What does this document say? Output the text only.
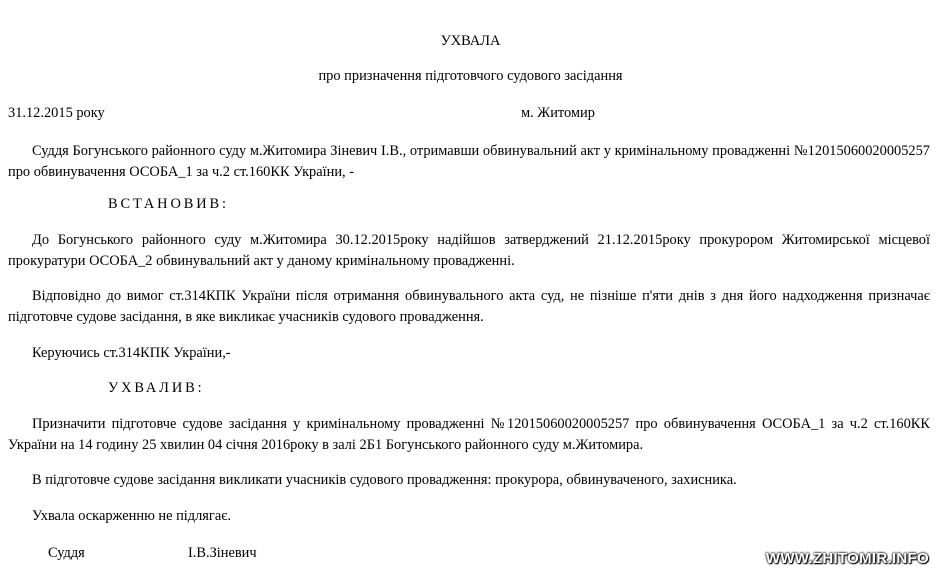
УХВАЛА
про призначення підготовчого судового засідання
31.12.2015 року	м. Житомир
Суддя Богунського районного суду м.Житомира Зіневич І.В., отримавши обвинувальний акт у кримінальному провадженні №12015060020005257 про обвинувачення ОСОБА_1 за ч.2 ст.160КК України, -
ВСТАНОВИВ:
До Богунського районного суду м.Житомира 30.12.2015року надійшов затверджений 21.12.2015року прокурором Житомирської місцевої прокуратури ОСОБА_2 обвинувальний акт у даному кримінальному провадженні.
Відповідно до вимог ст.314КПК України після отримання обвинувального акта суд, не пізніше п'яти днів з дня його надходження призначає підготовче судове засідання, в яке викликає учасників судового провадження.
Керуючись ст.314КПК України,-
УХВАЛИВ:
Призначити підготовче судове засідання у кримінальному провадженні №12015060020005257 про обвинувачення ОСОБА_1 за ч.2 ст.160КК України на 14 годину 25 хвилин 04 січня 2016року в залі 2Б1 Богунського районного суду м.Житомира.
В підготовче судове засідання викликати учасників судового провадження: прокурора, обвинуваченого, захисника.
Ухвала оскарженню не підлягає.
Суддя	І.В.Зіневич	WWW.ZHITOMIR.INFO
